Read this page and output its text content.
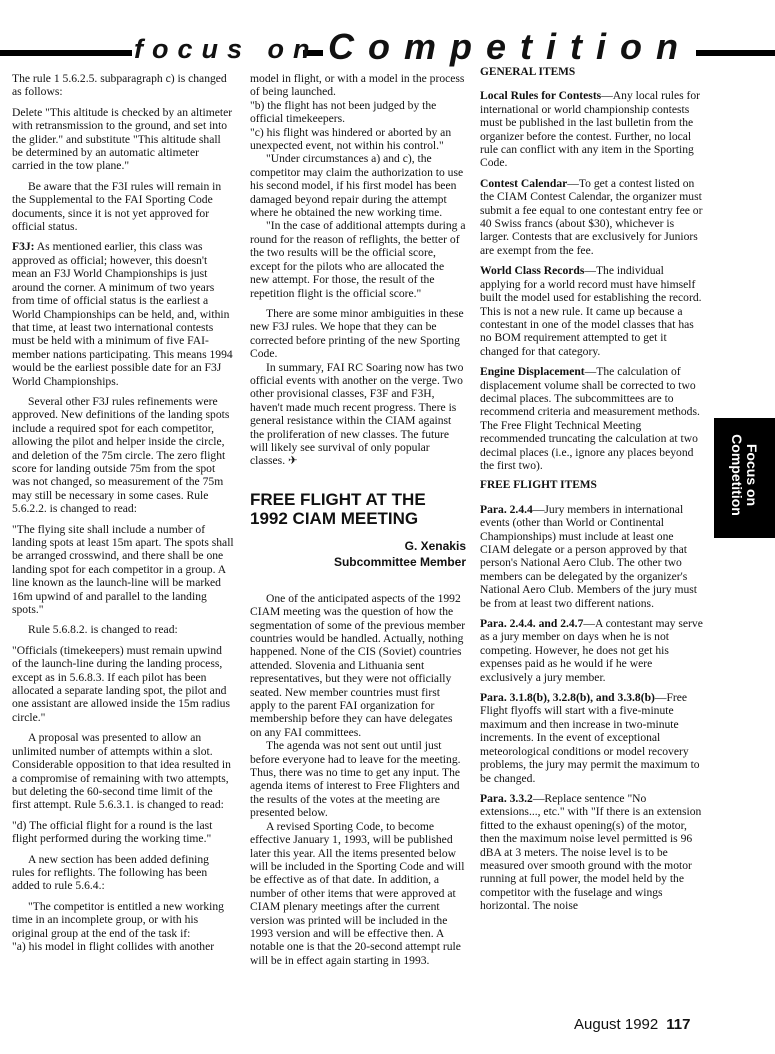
focus on Competition

The rule 1 5.6.2.5. subparagraph c) is changed as follows:

Delete "This altitude is checked by an altimeter with retransmission to the ground, and set into the glider." and substitute "This altitude shall be determined by an automatic altimeter carried in the tow plane."

Be aware that the F3I rules will remain in the Supplemental to the FAI Sporting Code documents, since it is not yet approved for official status.

F3J: As mentioned earlier, this class was approved as official; however, this doesn't mean an F3J World Championships is just around the corner. A minimum of two years from time of official status is the earliest a World Championships can be held, and, within that time, at least two international contests must be held with a minimum of five FAI-member nations participating. This means 1994 would be the earliest possible date for an F3J World Championships.

Several other F3J rules refinements were approved. New definitions of the landing spots include a required spot for each competitor, allowing the pilot and helper inside the circle, and deletion of the 75m circle. The zero flight score for landing outside 75m from the spot was not changed, so measurement of the 75m may still be necessary in some cases. Rule 5.6.2.2. is changed to read:

"The flying site shall include a number of landing spots at least 15m apart. The spots shall be arranged crosswind, and there shall be one landing spot for each competitor in a group. A line known as the launch-line will be marked 16m upwind of and parallel to the landing spots."

Rule 5.6.8.2. is changed to read:

"Officials (timekeepers) must remain upwind of the launch-line during the landing process, except as in 5.6.8.3. If each pilot has been allocated a separate landing spot, the pilot and one assistant are allowed inside the 15m radius circle."

A proposal was presented to allow an unlimited number of attempts within a slot. Considerable opposition to that idea resulted in a compromise of remaining with two attempts, but deleting the 60-second time limit of the first attempt. Rule 5.6.3.1. is changed to read:

"d) The official flight for a round is the last flight performed during the working time."

A new section has been added defining rules for reflights. The following has been added to rule 5.6.4.:

"The competitor is entitled a new working time in an incomplete group, or with his original group at the end of the task if:

"a) his model in flight collides with another

model in flight, or with a model in the process of being launched.

"b) the flight has not been judged by the official timekeepers.

"c) his flight was hindered or aborted by an unexpected event, not within his control."

"Under circumstances a) and c), the competitor may claim the authorization to use his second model, if his first model has been damaged beyond repair during the attempt where he obtained the new working time.

"In the case of additional attempts during a round for the reason of reflights, the better of the two results will be the official score, except for the pilots who are allocated the new attempt. For those, the result of the repetition flight is the official score."

There are some minor ambiguities in these new F3J rules. We hope that they can be corrected before printing of the new Sporting Code.

In summary, FAI RC Soaring now has two official events with another on the verge. Two other provisional classes, F3F and F3H, haven't made much recent progress. There is general resistance within the CIAM against the proliferation of new classes. The future will likely see survival of only popular classes. ✈

FREE FLIGHT AT THE 1992 CIAM MEETING
G. Xenakis
Subcommittee Member

One of the anticipated aspects of the 1992 CIAM meeting was the question of how the segmentation of some of the previous member countries would be handled. Actually, nothing happened. None of the CIS (Soviet) countries attended. Slovenia and Lithuania sent representatives, but they were not officially seated. New member countries must first apply to the parent FAI organization for membership before they can have delegates on any FAI committees.

The agenda was not sent out until just before everyone had to leave for the meeting. Thus, there was no time to get any input. The agenda items of interest to Free Flighters and the results of the votes at the meeting are presented below.

A revised Sporting Code, to become effective January 1, 1993, will be published later this year. All the items presented below will be included in the Sporting Code and will be effective as of that date. In addition, a number of other items that were approved at CIAM plenary meetings after the current version was printed will be included in the 1993 version and will be effective then. A notable one is that the 20-second attempt rule will be in effect again starting in 1993.

GENERAL ITEMS

Local Rules for Contests—Any local rules for international or world championship contests must be published in the last bulletin from the organizer before the contest. Further, no local rule can conflict with any item in the Sporting Code.

Contest Calendar—To get a contest listed on the CIAM Contest Calendar, the organizer must submit a fee equal to one contestant entry fee or 40 Swiss francs (about $30), whichever is larger. Contests that are exclusively for Juniors are exempt from the fee.

World Class Records—The individual applying for a world record must have himself built the model used for establishing the record. This is not a new rule. It came up because a contestant in one of the model classes that has no BOM requirement attempted to get it changed for that category.

Engine Displacement—The calculation of displacement volume shall be corrected to two decimal places. The subcommittees are to recommend criteria and measurement methods. The Free Flight Technical Meeting recommended truncating the calculation at two decimal places (i.e., ignore any places beyond the first two).

FREE FLIGHT ITEMS

Para. 2.4.4—Jury members in international events (other than World or Continental Championships) must include at least one CIAM delegate or a person approved by that person's National Aero Club. The other two members can be delegated by the organizer's National Aero Club. Members of the jury must be from at least two different nations.

Para. 2.4.4. and 2.4.7—A contestant may serve as a jury member on days when he is not competing. However, he does not get his expenses paid as he would if he were exclusively a jury member.

Para. 3.1.8(b), 3.2.8(b), and 3.3.8(b)—Free Flight flyoffs will start with a five-minute maximum and then increase in two-minute increments. In the event of exceptional meteorological conditions or model recovery problems, the jury may permit the maximum to be changed.

Para. 3.3.2—Replace sentence "No extensions..., etc." with "If there is an extension fitted to the exhaust opening(s) of the motor, then the maximum noise level permitted is 96 dBA at 3 meters. The noise level is to be measured over smooth ground with the motor running at full power, the model held by the competitor with the fuselage and wings horizontal. The noise

Focus on Competition
August 1992 117
